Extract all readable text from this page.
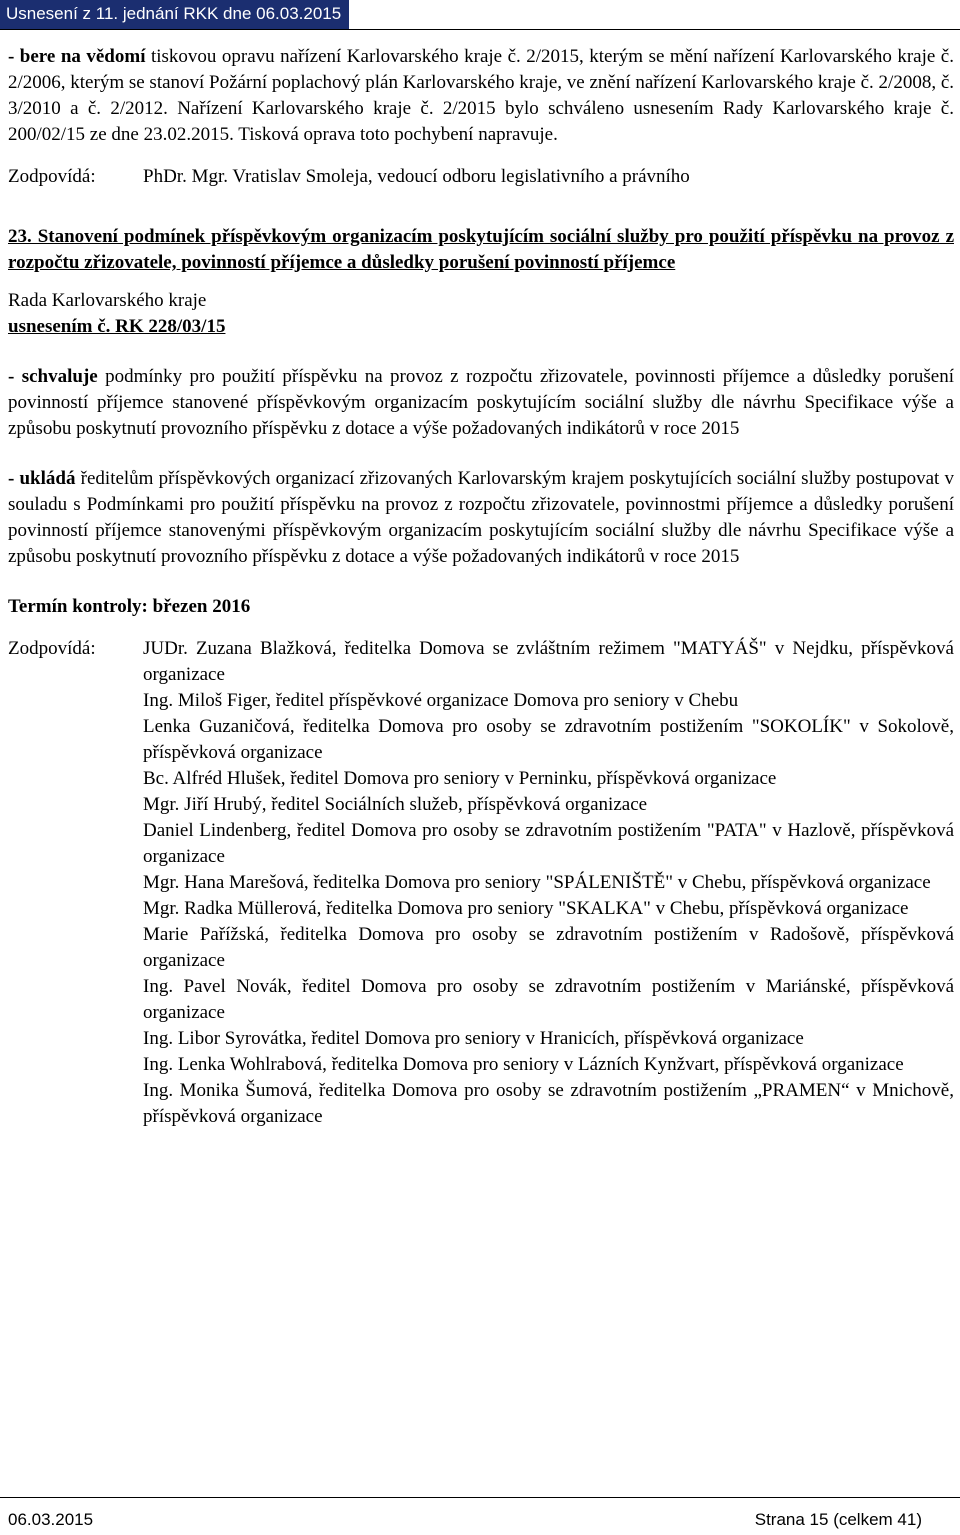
Usnesení z 11. jednání RKK dne 06.03.2015

- bere na vědomí tiskovou opravu nařízení Karlovarského kraje č. 2/2015, kterým se mění nařízení Karlovarského kraje č. 2/2006, kterým se stanoví Požární poplachový plán Karlovarského kraje, ve znění nařízení Karlovarského kraje č. 2/2008, č. 3/2010 a č. 2/2012. Nařízení Karlovarského kraje č. 2/2015 bylo schváleno usnesením Rady Karlovarského kraje č. 200/02/15 ze dne 23.02.2015. Tisková oprava toto pochybení napravuje.

Zodpovídá:	PhDr. Mgr. Vratislav Smoleja, vedoucí odboru legislativního a právního
23. Stanovení podmínek příspěvkovým organizacím poskytujícím sociální služby pro použití příspěvku na provoz z rozpočtu zřizovatele, povinností příjemce a důsledky porušení povinností příjemce
Rada Karlovarského kraje
usnesením č. RK 228/03/15

- schvaluje podmínky pro použití příspěvku na provoz z rozpočtu zřizovatele, povinnosti příjemce a důsledky porušení povinností příjemce stanovené příspěvkovým organizacím poskytujícím sociální služby dle návrhu Specifikace výše a způsobu poskytnutí provozního příspěvku z dotace a výše požadovaných indikátorů v roce 2015

- ukládá ředitelům příspěvkových organizací zřizovaných Karlovarským krajem poskytujících sociální služby postupovat v souladu s Podmínkami pro použití příspěvku na provoz z rozpočtu zřizovatele, povinnostmi příjemce a důsledky porušení povinností příjemce stanovenými příspěvkovým organizacím poskytujícím sociální služby dle návrhu Specifikace výše a způsobu poskytnutí provozního příspěvku z dotace a výše požadovaných indikátorů v roce 2015

Termín kontroly: březen 2016
Zodpovídá:	JUDr. Zuzana Blažková, ředitelka Domova se zvláštním režimem "MATYÁŠ" v Nejdku, příspěvková organizace
Ing. Miloš Figer, ředitel příspěvkové organizace Domova pro seniory v Chebu
Lenka Guzaničová, ředitelka Domova pro osoby se zdravotním postižením "SOKOLÍK" v Sokolově, příspěvková organizace
Bc. Alfréd Hlušek, ředitel Domova pro seniory v Perninku, příspěvková organizace
Mgr. Jiří Hrubý, ředitel Sociálních služeb, příspěvková organizace
Daniel Lindenberg, ředitel Domova pro osoby se zdravotním postižením "PATA" v Hazlově, příspěvková organizace
Mgr. Hana Marešová, ředitelka Domova pro seniory "SPÁLENIŠTĚ" v Chebu, příspěvková organizace
Mgr. Radka Müllerová, ředitelka Domova pro seniory "SKALKA" v Chebu, příspěvková organizace
Marie Pařížská, ředitelka Domova pro osoby se zdravotním postižením v Radošově, příspěvková organizace
Ing. Pavel Novák, ředitel Domova pro osoby se zdravotním postižením v Mariánské, příspěvková organizace
Ing. Libor Syrovátka, ředitel Domova pro seniory v Hranicích, příspěvková organizace
Ing. Lenka Wohlrabová, ředitelka Domova pro seniory v Lázních Kynžvart, příspěvková organizace
Ing. Monika Šumová, ředitelka Domova pro osoby se zdravotním postižením „PRAMEN“ v Mnichově, příspěvková organizace
06.03.2015	Strana 15 (celkem 41)
